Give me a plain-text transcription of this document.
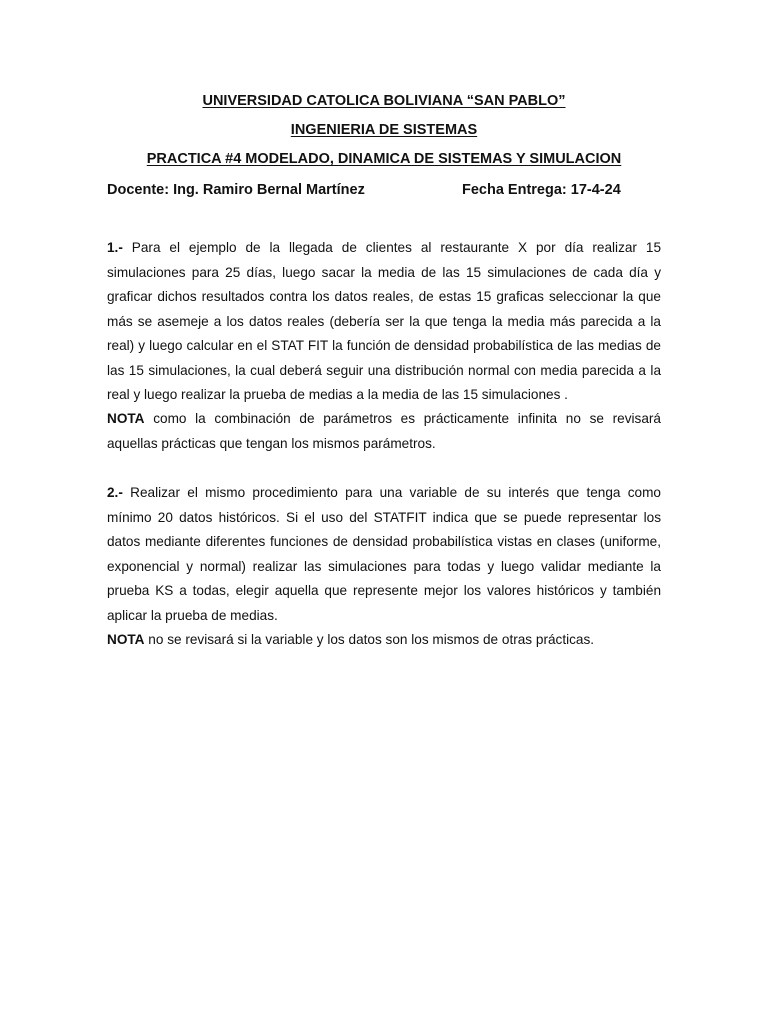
UNIVERSIDAD CATOLICA BOLIVIANA “SAN PABLO”
INGENIERIA DE SISTEMAS
PRACTICA #4 MODELADO, DINAMICA DE SISTEMAS Y SIMULACION
Docente: Ing. Ramiro Bernal Martínez	Fecha Entrega: 17-4-24

1.- Para el ejemplo de la llegada de clientes al restaurante X por día realizar 15 simulaciones para 25 días, luego sacar la media de las 15 simulaciones de cada día y graficar dichos resultados contra los datos reales, de estas 15 graficas seleccionar la que más se asemeje a los datos reales (debería ser la que tenga la media más parecida a la real) y luego calcular en el STAT FIT la función de densidad probabilística de las medias de las 15 simulaciones, la cual deberá seguir una distribución normal con media parecida a la real y luego realizar la prueba de medias a la media de las 15 simulaciones .

NOTA como la combinación de parámetros es prácticamente infinita no se revisará aquellas prácticas que tengan los mismos parámetros.

2.- Realizar el mismo procedimiento para una variable de su interés que tenga como mínimo 20 datos históricos. Si el uso del STATFIT indica que se puede representar los datos mediante diferentes funciones de densidad probabilística vistas en clases (uniforme, exponencial y normal) realizar las simulaciones para todas y luego validar mediante la prueba KS a todas, elegir aquella que represente mejor los valores históricos y también aplicar la prueba de medias.

NOTA no se revisará si la variable y los datos son los mismos de otras prácticas.
